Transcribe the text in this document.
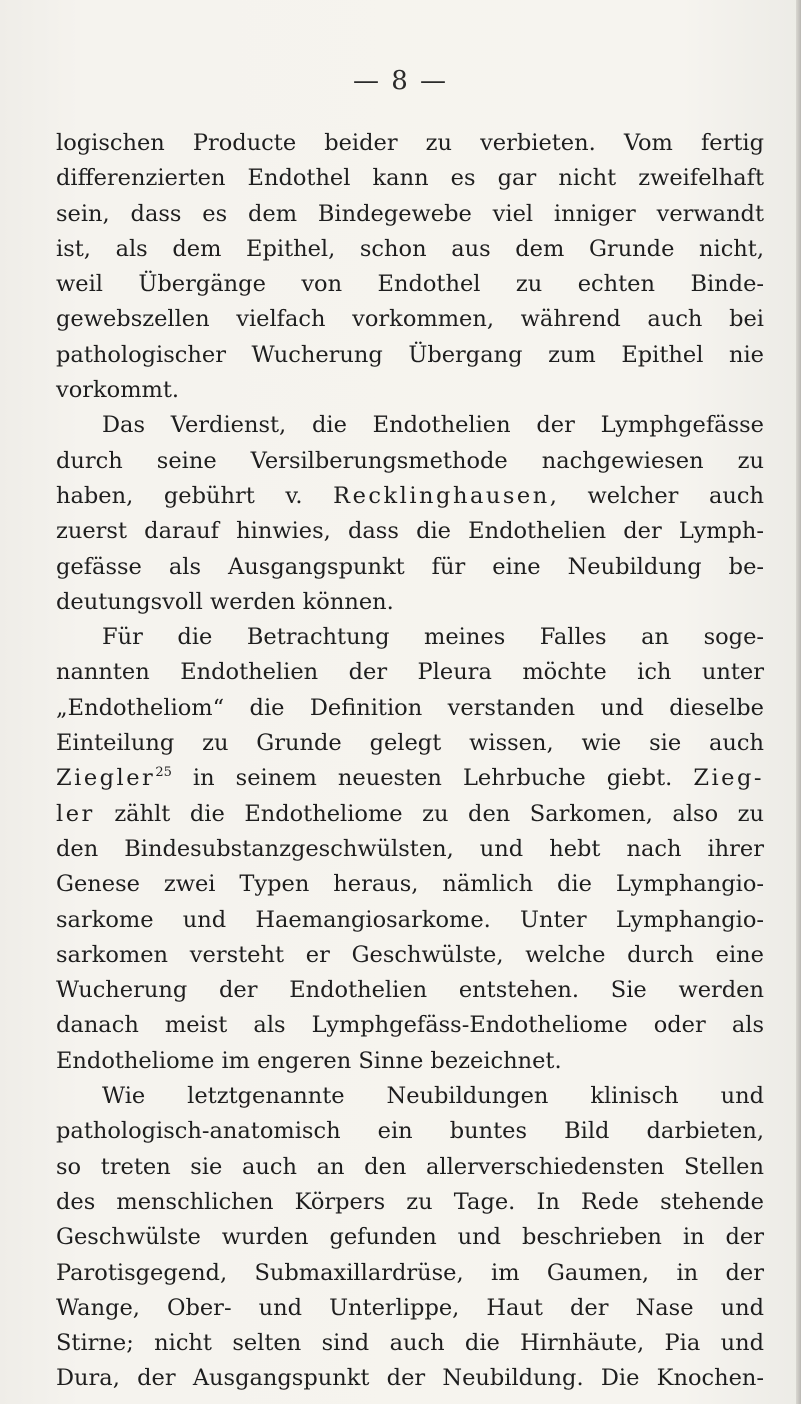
— 8 —
logischen Producte beider zu verbieten. Vom fertig
differenzierten Endothel kann es gar nicht zweifelhaft
sein, dass es dem Bindegewebe viel inniger verwandt
ist, als dem Epithel, schon aus dem Grunde nicht,
weil Übergänge von Endothel zu echten Binde-
gewebszellen vielfach vorkommen, während auch bei
pathologischer Wucherung Übergang zum Epithel nie
vorkommt.
Das Verdienst, die Endothelien der Lymphgefässe
durch seine Versilberungsmethode nachgewiesen zu
haben, gebührt v. Recklinghausen, welcher auch
zuerst darauf hinwies, dass die Endothelien der Lymph-
gefässe als Ausgangspunkt für eine Neubildung be-
deutungsvoll werden können.
Für die Betrachtung meines Falles an soge-
nannten Endothelien der Pleura möchte ich unter
„Endotheliom“ die Definition verstanden und dieselbe
Einteilung zu Grunde gelegt wissen, wie sie auch
Ziegler$^{25}$ in seinem neuesten Lehrbuche giebt. Zieg-
ler zählt die Endotheliome zu den Sarkomen, also zu
den Bindesubstanzgeschwülsten, und hebt nach ihrer
Genese zwei Typen heraus, nämlich die Lymphangio-
sarkome und Haemangiosarkome. Unter Lymphangio-
sarkomen versteht er Geschwülste, welche durch eine
Wucherung der Endothelien entstehen. Sie werden
danach meist als Lymphgefäss-Endotheliome oder als
Endotheliome im engeren Sinne bezeichnet.
Wie letztgenannte Neubildungen klinisch und
pathologisch-anatomisch ein buntes Bild darbieten,
so treten sie auch an den allerverschiedensten Stellen
des menschlichen Körpers zu Tage. In Rede stehende
Geschwülste wurden gefunden und beschrieben in der
Parotisgegend, Submaxillardrüse, im Gaumen, in der
Wange, Ober- und Unterlippe, Haut der Nase und
Stirne; nicht selten sind auch die Hirnhäute, Pia und
Dura, der Ausgangspunkt der Neubildung. Die Knochen-
